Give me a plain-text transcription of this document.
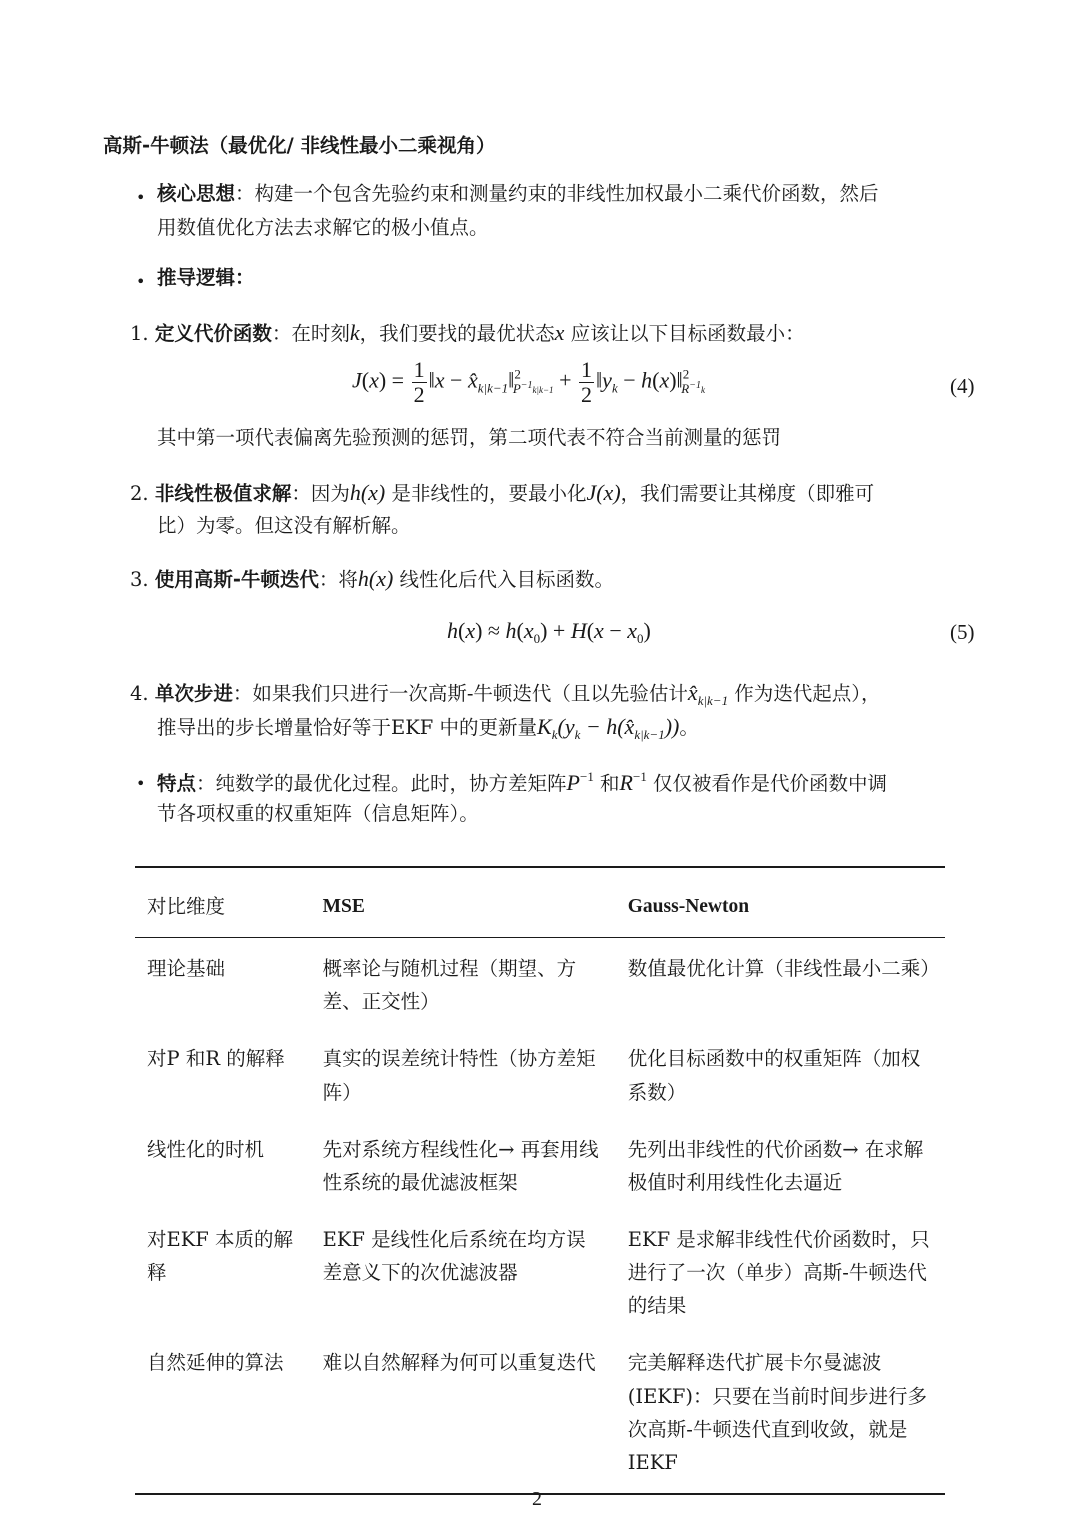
高斯-牛顿法（最优化/ 非线性最小二乘视角）
• 核心思想：构建一个包含先验约束和测量约束的非线性加权最小二乘代价函数，然后
用数值优化方法去求解它的极小值点。
• 推导逻辑：
1. 定义代价函数：在时刻k，我们要找的最优状态x 应该让以下目标函数最小：
$J(x) = \frac{1}{2}$ ‖x − $x̂_{k|k-1}‖^2_{P^{-1}k|k-1} + \frac{1}{2}$ $‖y_k$ − h(x)‖$^2_{R^{-1}k}$	(4)
其中第一项代表偏离先验预测的惩罚，第二项代表不符合当前测量的惩罚
2. 非线性极值求解：因为h(x) 是非线性的，要最小化J(x)，我们需要让其梯度（即雅可
比）为零。但这没有解析解。
3. 使用高斯-牛顿迭代：将h(x) 线性化后代入目标函数。
$h(x) \approx h(x_0) + H(x - x_0)$	(5)
4. 单次步进：如果我们只进行一次高斯-牛顿迭代（且以先验估计$x̂_{k|k-1}$ 作为迭代起点），
推导出的步长增量恰好等于EKF 中的更新量$K_k(y_k$ − $h(x̂_{k|k-1})$)。
• 特点：纯数学的最优化过程。此时，协方差矩阵$P^{-1}$ 和$R^{-1}$ 仅仅被看作是代价函数中调
节各项权重的权重矩阵（信息矩阵）。
对比维度	MSE	Gauss-Newton
理论基础	概率论与随机过程（期望、方差、正交性）	数值最优化计算（非线性最小二乘）
对P 和R 的解释	真实的误差统计特性（协方差矩阵）	优化目标函数中的权重矩阵（加权系数）
线性化的时机	先对系统方程线性化→ 再套用线性系统的最优滤波框架	先列出非线性的代价函数→ 在求解极值时利用线性化去逼近
对EKF 本质的解释	EKF 是线性化后系统在均方误差意义下的次优滤波器	EKF 是求解非线性代价函数时，只进行了一次（单步）高斯-牛顿迭代的结果
自然延伸的算法	难以自然解释为何可以重复迭代	完美解释迭代扩展卡尔曼滤波(IEKF)：只要在当前时间步进行多次高斯-牛顿迭代直到收敛，就是IEKF
2
